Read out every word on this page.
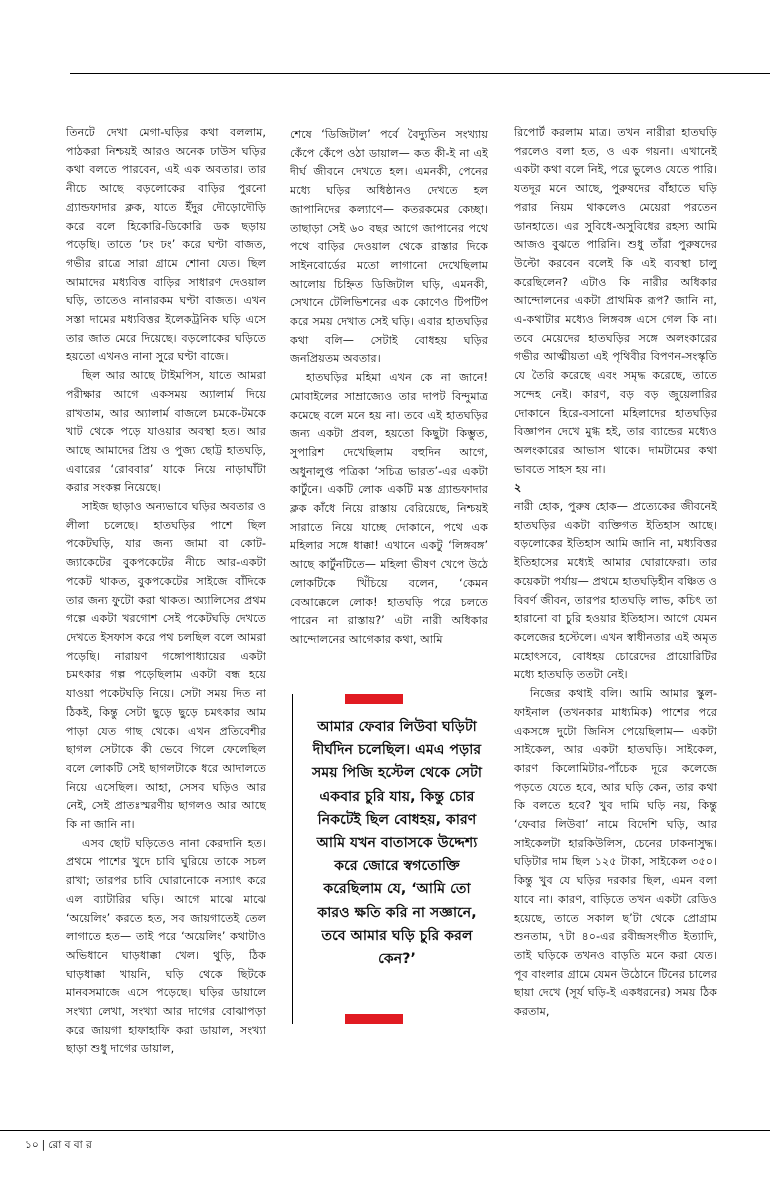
তিনটে দেখা মেগা-ঘড়ির কথা বললাম, পাঠকরা নিশ্চয়ই আরও অনেক ঢাউস ঘড়ির কথা বলতে পারবেন, এই এক অবতার। তার নীচে আছে বড়লোকের বাড়ির পুরনো গ্র্যান্ডফাদার ক্লক, যাতে ইঁদুর দৌড়োদৌড়ি করে বলে হিকোরি-ডিকোরি ডক ছড়ায় পড়েছি। তাতে ‘ঢং ঢং’ করে ঘণ্টা বাজত, গভীর রাত্রে সারা গ্রামে শোনা যেত। ছিল আমাদের মধ্যবিত্ত বাড়ির সাধারণ দেওয়াল ঘড়ি, তাতেও নানারকম ঘণ্টা বাজত। এখন সস্তা দামের মধ্যবিত্তর ইলেকট্রনিক ঘড়ি এসে তার জাত মেরে দিয়েছে। বড়লোকের ঘড়িতে হয়তো এখনও নানা সুরে ঘণ্টা বাজে।

ছিল আর আছে টাইমপিস, যাতে আমরা পরীক্ষার আগে একসময় অ্যালার্ম দিয়ে রাখতাম, আর অ্যালার্ম বাজলে চমকে-টমকে খাট থেকে পড়ে যাওয়ার অবস্থা হত। আর আছে আমাদের প্রিয় ও পুজ্য ছোট্ট হাতঘড়ি, এবারের ‘রোববার’ যাকে নিয়ে নাড়াঘাঁটা করার সংকল্প নিয়েছে।

সাইজ ছাড়াও অন্যভাবে ঘড়ির অবতার ও লীলা চলেছে। হাতঘড়ির পাশে ছিল পকেটঘড়ি, যার জন্য জামা বা কোট-জ্যাকেটের বুকপকেটের নীচে আর-একটা পকেট থাকত, বুকপকেটের সাইজে বাঁদিকে তার জন্য ফুটো করা থাকত। অ্যালিসের প্রথম গল্পে একটা খরগোশ সেই পকেটঘড়ি দেখতে দেখতে ইসফাস করে পথ চলছিল বলে আমরা পড়েছি। নারায়ণ গঙ্গোপাধ্যায়ের একটা চমৎকার গল্প পড়েছিলাম একটা বন্ধ হয়ে যাওয়া পকেটঘড়ি নিয়ে। সেটা সময় দিত না ঠিকই, কিন্তু সেটা ছুড়ে ছুড়ে চমৎকার আম পাড়া যেত গাছ থেকে। এখন প্রতিবেশীর ছাগল সেটাকে কী ভেবে গিলে ফেলেছিল বলে লোকটি সেই ছাগলটাকে ধরে আদালতে নিয়ে এসেছিল। আহা, সেসব ঘড়িও আর নেই, সেই প্রাতঃস্মরণীয় ছাগলও আর আছে কি না জানি না।

এসব ছোট ঘড়িতেও নানা কেরদানি হত। প্রথমে পাশের খুদে চাবি ঘুরিয়ে তাকে সচল রাখা; তারপর চাবি ঘোরানোকে নস্যাৎ করে এল ব্যাটারির ঘড়ি। আগে মাঝে মাঝে ‘অয়েলিং’ করতে হত, সব জায়গাতেই তেল লাগাতে হত— তাই পরে ‘অয়েলিং’ কথাটাও অভিধানে ঘাড়ধাক্কা খেল। থুড়ি, ঠিক ঘাড়ধাক্কা খায়নি, ঘড়ি থেকে ছিটকে মানবসমাজে এসে পড়েছে। ঘড়ির ডায়ালে সংখ্যা লেখা, সংখ্যা আর দাগের বোঝাপড়া করে জায়গা হাফাহাফি করা ডায়াল, সংখ্যা ছাড়া শুধু দাগের ডায়াল,

শেষে ‘ডিজিটাল’ পর্বে বৈদ্যুতিন সংখ্যায় কেঁপে কেঁপে ওঠা ডায়াল— কত কী-ই না এই দীর্ঘ জীবনে দেখতে হল। এমনকী, পেনের মধ্যে ঘড়ির অধিষ্ঠানও দেখতে হল জাপানিদের কল্যাণে— কতরকমের কেচ্ছা। তাছাড়া সেই ৬০ বছর আগে জাপানের পথে পথে বাড়ির দেওয়াল থেকে রাস্তার দিকে সাইনবোর্ডের মতো লাগানো দেখেছিলাম আলোয় চিহ্নিত ডিজিটাল ঘড়ি, এমনকী, সেখানে টেলিভিশনের এক কোণেও টিপটিপ করে সময় দেখাত সেই ঘড়ি। এবার হাতঘড়ির কথা বলি— সেটাই বোধহয় ঘড়ির জনপ্রিয়তম অবতার।

হাতঘড়ির মহিমা এখন কে না জানে! মোবাইলের সাম্রাজ্যেও তার দাপট বিন্দুমাত্র কমেছে বলে মনে হয় না। তবে এই হাতঘড়ির জন্য একটা প্রবল, হয়তো কিছুটা কিম্ভুত, সুপারিশ দেখেছিলাম বহুদিন আগে, অধুনালুপ্ত পত্রিকা ‘সচিত্র ভারত’-এর একটা কার্টুনে। একটি লোক একটি মস্ত গ্র্যান্ডফাদার ক্লক কাঁধে নিয়ে রাস্তায় বেরিয়েছে, নিশ্চয়ই সারাতে নিয়ে যাচ্ছে দোকানে, পথে এক মহিলার সঙ্গে ধাক্কা! এখানে একটু ‘লিঙ্গবঙ্গ’ আছে কার্টুনটিতে— মহিলা ভীষণ খেপে উঠে লোকটিকে খিঁচিয়ে বলেন, ‘কেমন বেআক্কেলে লোক! হাতঘড়ি পরে চলতে পারেন না রাস্তায়?’ এটা নারী অধিকার আন্দোলনের আগেকার কথা, আমি

আমার ফেবার লিউবা ঘড়িটা দীর্ঘদিন চলেছিল। এমএ পড়ার সময় পিজি হস্টেল থেকে সেটা একবার চুরি যায়, কিন্তু চোর নিকটেই ছিল বোধহয়, কারণ আমি যখন বাতাসকে উদ্দেশ্য করে জোরে স্বগতোক্তি করেছিলাম যে, ‘আমি তো কারও ক্ষতি করি না সজ্ঞানে, তবে আমার ঘড়ি চুরি করল কেন?’

রিপোর্ট করলাম মাত্র। তখন নারীরা হাতঘড়ি পরলেও বলা হত, ও এক গয়না। এখানেই একটা কথা বলে নিই, পরে ভুলেও যেতে পারি। যতদূর মনে আছে, পুরুষদের বাঁহাতে ঘড়ি পরার নিয়ম থাকলেও মেয়েরা পরতেন ডানহাতে। এর সুবিধে-অসুবিধের রহস্য আমি আজও বুঝতে পারিনি। শুধু তাঁরা পুরুষদের উল্টো করবেন বলেই কি এই ব্যবস্থা চালু করেছিলেন? এটাও কি নারীর অধিকার আন্দোলনের একটা প্রাথমিক রূপ? জানি না, এ-কথাটার মধ্যেও লিঙ্গবঙ্গ এসে গেল কি না। তবে মেয়েদের হাতঘড়ির সঙ্গে অলংকারের গভীর আত্মীয়তা এই পৃথিবীর বিপণন-সংস্কৃতি যে তৈরি করেছে এবং সমৃদ্ধ করেছে, তাতে সন্দেহ নেই। কারণ, বড় বড় জুয়েলারির দোকানে হিরে-বসানো মহিলাদের হাতঘড়ির বিজ্ঞাপন দেখে মুগ্ধ হই, তার ব্যান্ডের মধ্যেও অলংকারের আভাস থাকে। দামটামের কথা ভাবতে সাহস হয় না।

২

নারী হোক, পুরুষ হোক— প্রত্যেকের জীবনেই হাতঘড়ির একটা ব্যক্তিগত ইতিহাস আছে। বড়লোকের ইতিহাস আমি জানি না, মধ্যবিত্তর ইতিহাসের মধ্যেই আমার ঘোরাফেরা। তার কয়েকটা পর্যায়— প্রথমে হাতঘড়িহীন বঞ্চিত ও বিবর্ণ জীবন, তারপর হাতঘড়ি লাভ, কচিৎ তা হারানো বা চুরি হওয়ার ইতিহাস। আগে যেমন কলেজের হস্টেলে। এখন স্বাধীনতার এই অমৃত মহোৎসবে, বোধহয় চোরেদের প্রায়োরিটির মধ্যে হাতঘড়ি ততটা নেই।

নিজের কথাই বলি। আমি আমার স্কুল-ফাইনাল (তখনকার মাধ্যমিক) পাশের পরে একসঙ্গে দুটো জিনিস পেয়েছিলাম— একটা সাইকেল, আর একটা হাতঘড়ি। সাইকেল, কারণ কিলোমিটার-পাঁচেক দূরে কলেজে পড়তে যেতে হবে, আর ঘড়ি কেন, তার কথা কি বলতে হবে? খুব দামি ঘড়ি নয়, কিন্তু ‘ফেবার লিউবা’ নামে বিদেশি ঘড়ি, আর সাইকেলটা হারকিউলিস, চেনের ঢাকনাসুদ্ধ। ঘড়িটার দাম ছিল ১২৫ টাকা, সাইকেল ৩৫০। কিন্তু খুব যে ঘড়ির দরকার ছিল, এমন বলা যাবে না। কারণ, বাড়িতে তখন একটা রেডিও হয়েছে, তাতে সকাল ছ’টা থেকে প্রোগ্রাম শুনতাম, ৭টা ৪০-এর রবীন্দ্রসংগীত ইত্যাদি, তাই ঘড়িকে তখনও বাড়তি মনে করা যেত। পূব বাংলার গ্রামে যেমন উঠোনে টিনের চালের ছায়া দেখে (সূর্য ঘড়ি-ই একধরনের) সময় ঠিক করতাম,

১০ | রো ব বা র
